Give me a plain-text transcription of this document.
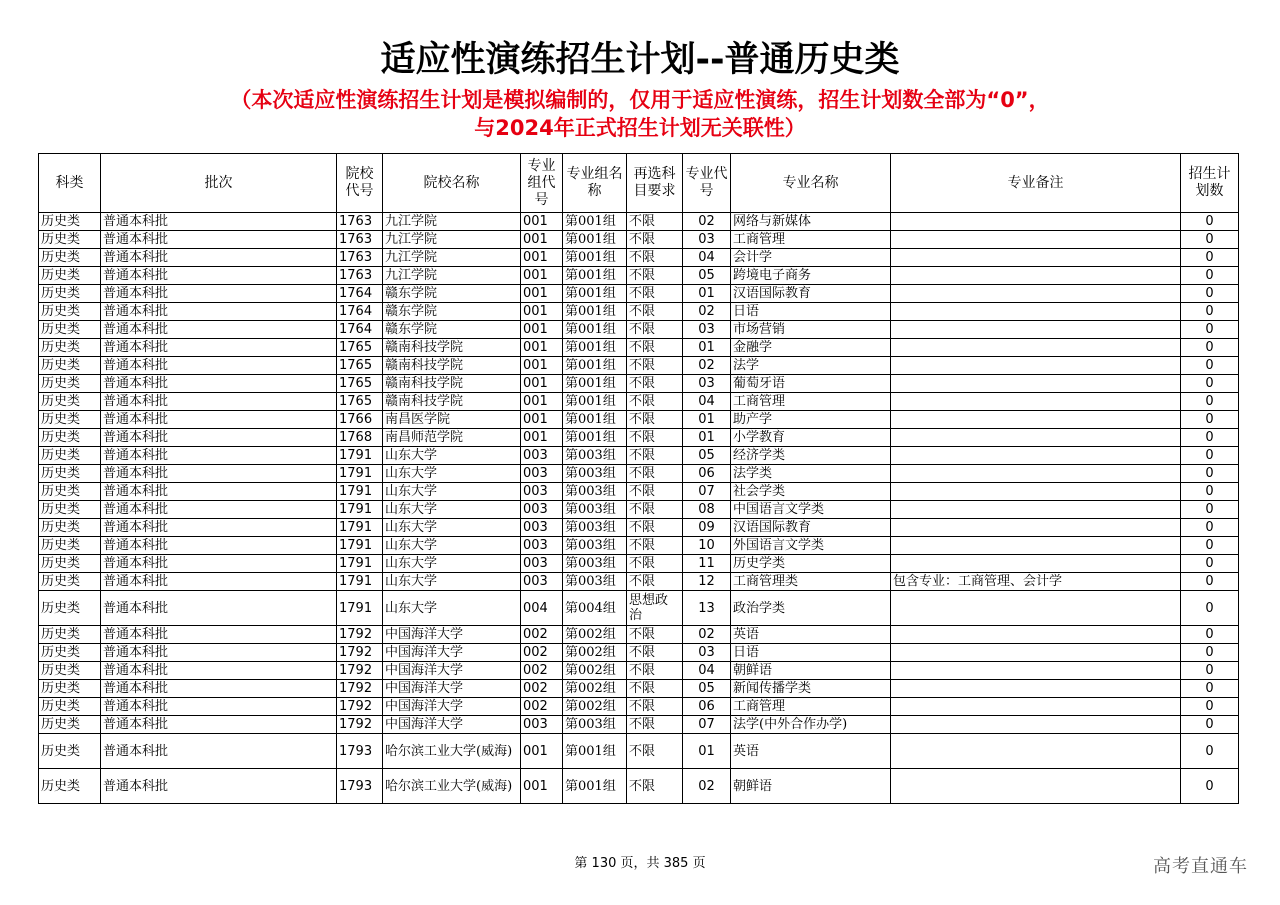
适应性演练招生计划--普通历史类

（本次适应性演练招生计划是模拟编制的，仅用于适应性演练，招生计划数全部为“0”，

与2024年正式招生计划无关联性）

科类	批次	院校代号	院校名称	专业组代号	专业组名称	再选科目要求	专业代号	专业名称	专业备注	招生计划数
历史类	普通本科批	1763	九江学院	001	第001组	不限	02	网络与新媒体		0
历史类	普通本科批	1763	九江学院	001	第001组	不限	03	工商管理		0
历史类	普通本科批	1763	九江学院	001	第001组	不限	04	会计学		0
历史类	普通本科批	1763	九江学院	001	第001组	不限	05	跨境电子商务		0
历史类	普通本科批	1764	赣东学院	001	第001组	不限	01	汉语国际教育		0
历史类	普通本科批	1764	赣东学院	001	第001组	不限	02	日语		0
历史类	普通本科批	1764	赣东学院	001	第001组	不限	03	市场营销		0
历史类	普通本科批	1765	赣南科技学院	001	第001组	不限	01	金融学		0
历史类	普通本科批	1765	赣南科技学院	001	第001组	不限	02	法学		0
历史类	普通本科批	1765	赣南科技学院	001	第001组	不限	03	葡萄牙语		0
历史类	普通本科批	1765	赣南科技学院	001	第001组	不限	04	工商管理		0
历史类	普通本科批	1766	南昌医学院	001	第001组	不限	01	助产学		0
历史类	普通本科批	1768	南昌师范学院	001	第001组	不限	01	小学教育		0
历史类	普通本科批	1791	山东大学	003	第003组	不限	05	经济学类		0
历史类	普通本科批	1791	山东大学	003	第003组	不限	06	法学类		0
历史类	普通本科批	1791	山东大学	003	第003组	不限	07	社会学类		0
历史类	普通本科批	1791	山东大学	003	第003组	不限	08	中国语言文学类		0
历史类	普通本科批	1791	山东大学	003	第003组	不限	09	汉语国际教育		0
历史类	普通本科批	1791	山东大学	003	第003组	不限	10	外国语言文学类		0
历史类	普通本科批	1791	山东大学	003	第003组	不限	11	历史学类		0
历史类	普通本科批	1791	山东大学	003	第003组	不限	12	工商管理类	包含专业：工商管理、会计学	0
历史类	普通本科批	1791	山东大学	004	第004组	思想政治	13	政治学类		0
历史类	普通本科批	1792	中国海洋大学	002	第002组	不限	02	英语		0
历史类	普通本科批	1792	中国海洋大学	002	第002组	不限	03	日语		0
历史类	普通本科批	1792	中国海洋大学	002	第002组	不限	04	朝鲜语		0
历史类	普通本科批	1792	中国海洋大学	002	第002组	不限	05	新闻传播学类		0
历史类	普通本科批	1792	中国海洋大学	002	第002组	不限	06	工商管理		0
历史类	普通本科批	1792	中国海洋大学	003	第003组	不限	07	法学(中外合作办学)		0
历史类	普通本科批	1793	哈尔滨工业大学(威海)	001	第001组	不限	01	英语		0
历史类	普通本科批	1793	哈尔滨工业大学(威海)	001	第001组	不限	02	朝鲜语		0
第 130 页，共 385 页	高考直通车
